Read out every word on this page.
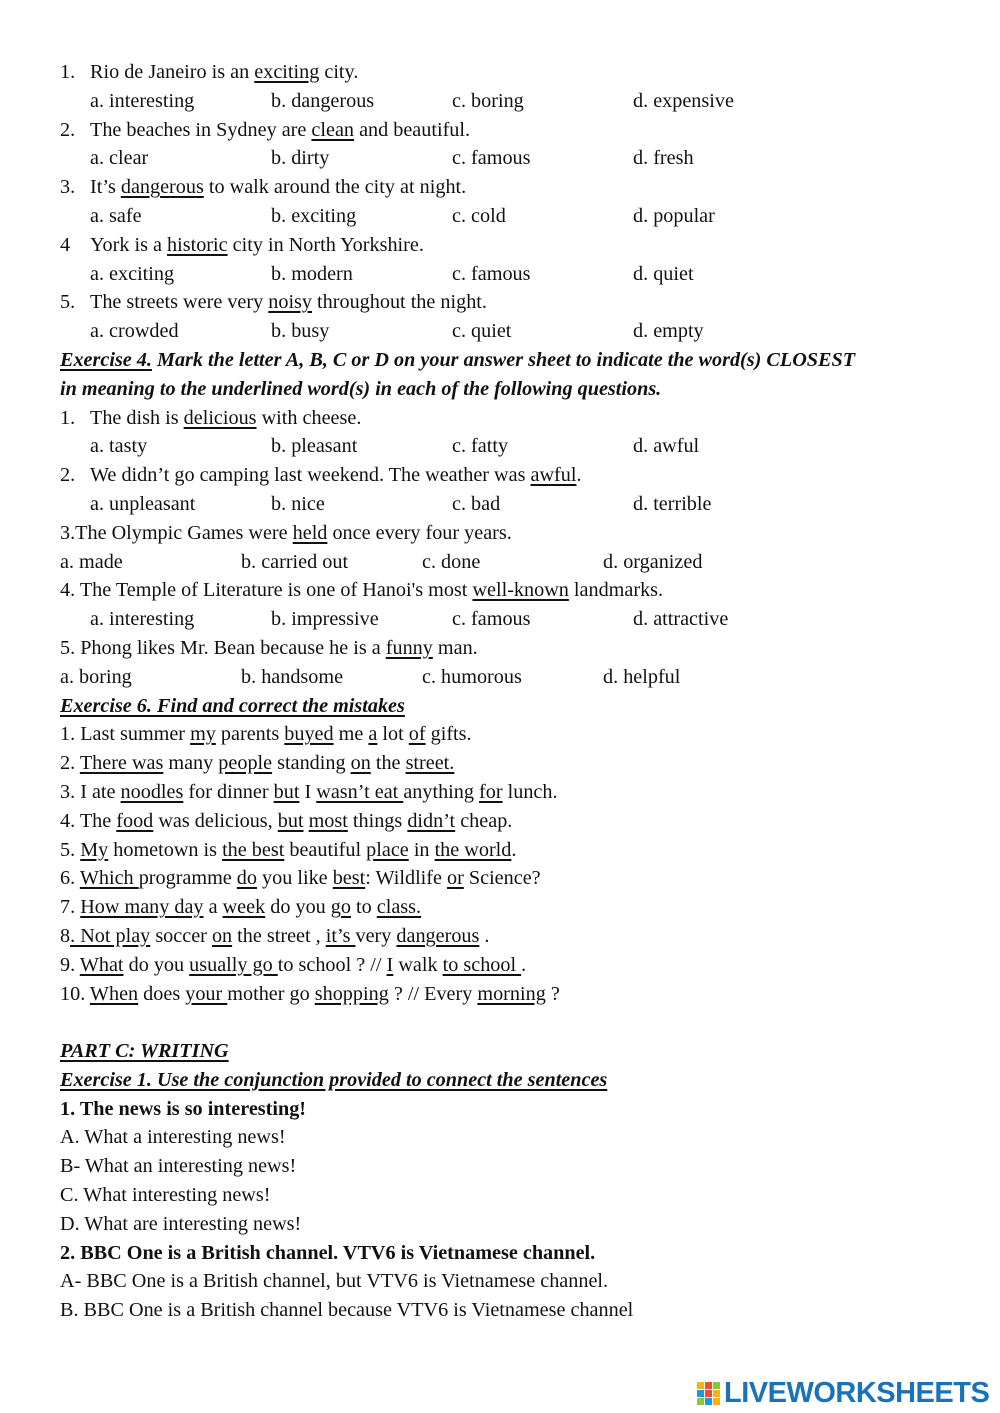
1.Rio de Janeiro is an exciting city.
a. interesting	b. dangerous	c. boring	d. expensive
2.The beaches in Sydney are clean and beautiful.
a. clear	b. dirty	c. famous	d. fresh
3.It’s dangerous to walk around the city at night.
a. safe	b. exciting	c. cold	d. popular
4York is a historic city in North Yorkshire.
a. exciting	b. modern	c. famous	d. quiet
5.The streets were very noisy throughout the night.
a. crowded	b. busy	c. quiet	d. empty
Exercise 4. Mark the letter A, B, C or D on your answer sheet to indicate the word(s) CLOSEST
in meaning to the underlined word(s) in each of the following questions.
1.The dish is delicious with cheese.
a. tasty	b. pleasant	c. fatty	d. awful
2.We didn’t go camping last weekend. The weather was awful.
a. unpleasant	b. nice	c. bad	d. terrible
3.The Olympic Games were held once every four years.
a. made	b. carried out	c. done	d. organized
4. The Temple of Literature is one of Hanoi's most well-known landmarks.
a. interesting	b. impressive	c. famous	d. attractive
5. Phong likes Mr. Bean because he is a funny man.
a. boring	b. handsome	c. humorous	d. helpful
Exercise 6. Find and correct the mistakes
1. Last summer my parents buyed me a lot of gifts.
2. There was many people standing on the street.
3. I ate noodles for dinner but I wasn’t eat anything for lunch.
4. The food was delicious, but most things didn’t cheap.
5. My hometown is the best beautiful place in the world.
6. Which programme do you like best: Wildlife or Science?
7. How many day a week do you go to class.
8. Not play soccer on the street , it’s very dangerous .
9. What do you usually go to school ? // I walk to school .
10. When does your mother go shopping ? // Every morning ?
PART C: WRITING
Exercise 1. Use the conjunction provided to connect the sentences
1. The news is so interesting!
A. What a interesting news!
B- What an interesting news!
C. What interesting news!
D. What are interesting news!
2. BBC One is a British channel. VTV6 is Vietnamese channel.
A- BBC One is a British channel, but VTV6 is Vietnamese channel.
B. BBC One is a British channel because VTV6 is Vietnamese channel
LIVEWORKSHEETS
